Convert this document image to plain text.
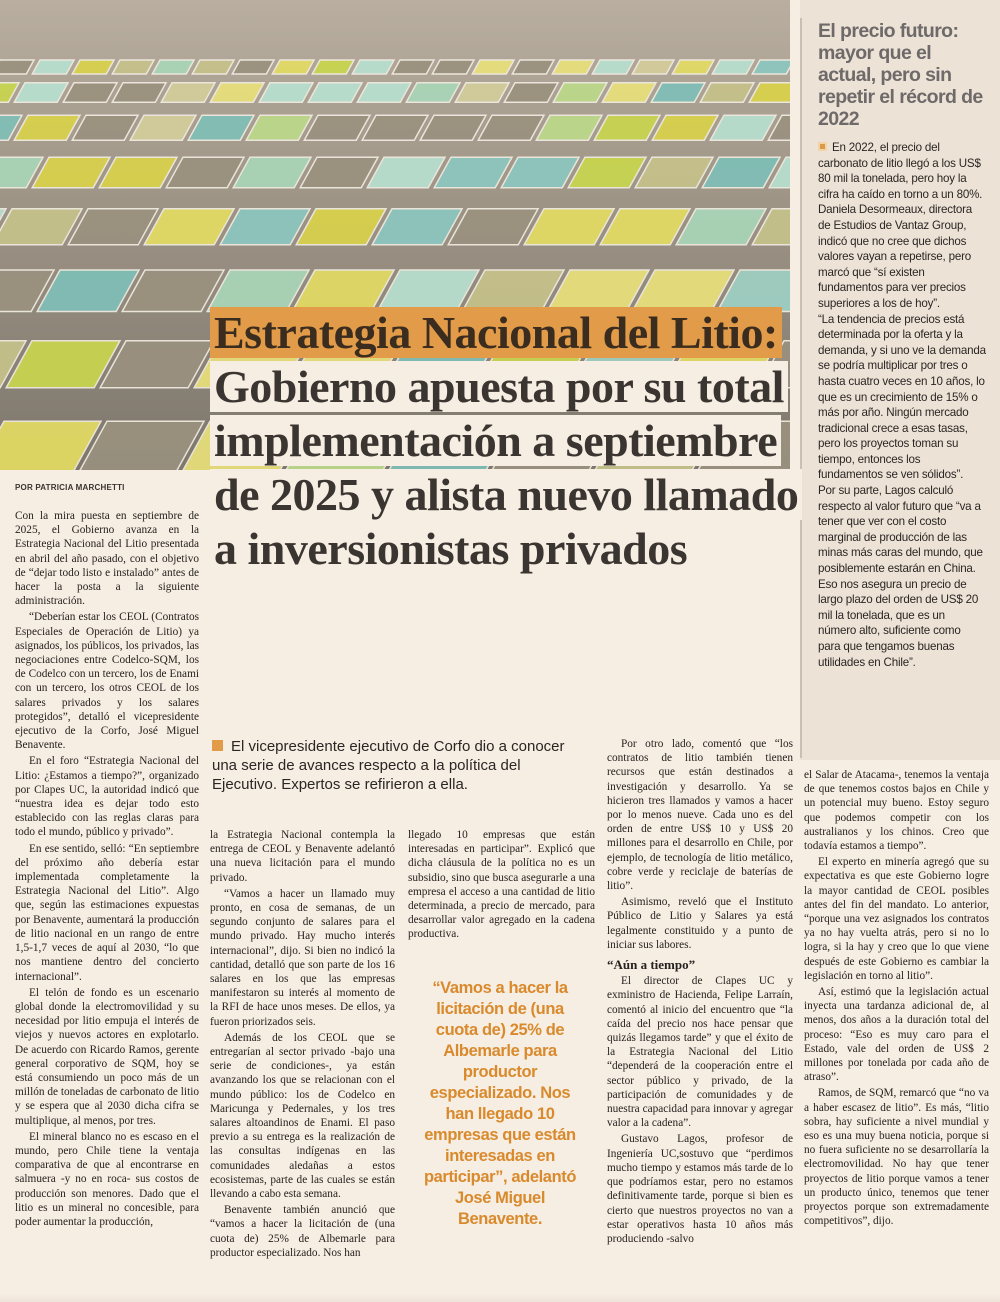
El precio futuro: mayor que el actual, pero sin repetir el récord de 2022

En 2022, el precio del carbonato de litio llegó a los US$ 80 mil la tonelada, pero hoy la cifra ha caído en torno a un 80%. Daniela Desormeaux, directora de Estudios de Vantaz Group, indicó que no cree que dichos valores vayan a repetirse, pero marcó que “sí existen fundamentos para ver precios superiores a los de hoy”.

“La tendencia de precios está determinada por la oferta y la demanda, y si uno ve la demanda se podría multiplicar por tres o hasta cuatro veces en 10 años, lo que es un crecimiento de 15% o más por año. Ningún mercado tradicional crece a esas tasas, pero los proyectos toman su tiempo, entonces los fundamentos se ven sólidos”.

Por su parte, Lagos calculó respecto al valor futuro que “va a tener que ver con el costo marginal de producción de las minas más caras del mundo, que posiblemente estarán en China. Eso nos asegura un precio de largo plazo del orden de US$ 20 mil la tonelada, que es un número alto, suficiente como para que tengamos buenas utilidades en Chile”.

Estrategia Nacional del Litio: Gobierno apuesta por su total implementación a septiembre de 2025 y alista nuevo llamado a inversionistas privados
POR PATRICIA MARCHETTI

Con la mira puesta en septiembre de 2025, el Gobierno avanza en la Estrategia Nacional del Litio presentada en abril del año pasado, con el objetivo de “dejar todo listo e instalado” antes de hacer la posta a la siguiente administración.

“Deberían estar los CEOL (Contratos Especiales de Operación de Litio) ya asignados, los públicos, los privados, las negociaciones entre Codelco-SQM, los de Codelco con un tercero, los de Enami con un tercero, los otros CEOL de los salares privados y los salares protegidos”, detalló el vicepresidente ejecutivo de la Corfo, José Miguel Benavente.

En el foro “Estrategia Nacional del Litio: ¿Estamos a tiempo?”, organizado por Clapes UC, la autoridad indicó que “nuestra idea es dejar todo esto establecido con las reglas claras para todo el mundo, público y privado”.

En ese sentido, selló: “En septiembre del próximo año debería estar implementada completamente la Estrategia Nacional del Litio”. Algo que, según las estimaciones expuestas por Benavente, aumentará la producción de litio nacional en un rango de entre 1,5-1,7 veces de aquí al 2030, “lo que nos mantiene dentro del concierto internacional”.

El telón de fondo es un escenario global donde la electromovilidad y su necesidad por litio empuja el interés de viejos y nuevos actores en explotarlo. De acuerdo con Ricardo Ramos, gerente general corporativo de SQM, hoy se está consumiendo un poco más de un millón de toneladas de carbonato de litio y se espera que al 2030 dicha cifra se multiplique, al menos, por tres.

El mineral blanco no es escaso en el mundo, pero Chile tiene la ventaja comparativa de que al encontrarse en salmuera -y no en roca- sus costos de producción son menores. Dado que el litio es un mineral no concesible, para poder aumentar la producción,

El vicepresidente ejecutivo de Corfo dio a conocer una serie de avances respecto a la política del Ejecutivo. Expertos se refirieron a ella.

la Estrategia Nacional contempla la entrega de CEOL y Benavente adelantó una nueva licitación para el mundo privado.

“Vamos a hacer un llamado muy pronto, en cosa de semanas, de un segundo conjunto de salares para el mundo privado. Hay mucho interés internacional”, dijo. Si bien no indicó la cantidad, detalló que son parte de los 16 salares en los que las empresas manifestaron su interés al momento de la RFI de hace unos meses. De ellos, ya fueron priorizados seis.

Además de los CEOL que se entregarían al sector privado -bajo una serie de condiciones-, ya están avanzando los que se relacionan con el mundo público: los de Codelco en Maricunga y Pedernales, y los tres salares altoandinos de Enami. El paso previo a su entrega es la realización de las consultas indígenas en las comunidades aledañas a estos ecosistemas, parte de las cuales se están llevando a cabo esta semana.

Benavente también anunció que “vamos a hacer la licitación de (una cuota de) 25% de Albemarle para productor especializado. Nos han

llegado 10 empresas que están interesadas en participar”. Explicó que dicha cláusula de la política no es un subsidio, sino que busca asegurarle a una empresa el acceso a una cantidad de litio determinada, a precio de mercado, para desarrollar valor agregado en la cadena productiva.

“Vamos a hacer la licitación de (una cuota de) 25% de Albemarle para productor especializado. Nos han llegado 10 empresas que están interesadas en participar”, adelantó José Miguel Benavente.

Por otro lado, comentó que “los contratos de litio también tienen recursos que están destinados a investigación y desarrollo. Ya se hicieron tres llamados y vamos a hacer por lo menos nueve. Cada uno es del orden de entre US$ 10 y US$ 20 millones para el desarrollo en Chile, por ejemplo, de tecnología de litio metálico, cobre verde y reciclaje de baterías de litio”.

Asimismo, reveló que el Instituto Público de Litio y Salares ya está legalmente constituido y a punto de iniciar sus labores.

“Aún a tiempo”

El director de Clapes UC y exministro de Hacienda, Felipe Larraín, comentó al inicio del encuentro que “la caída del precio nos hace pensar que quizás llegamos tarde” y que el éxito de la Estrategia Nacional del Litio “dependerá de la cooperación entre el sector público y privado, de la participación de comunidades y de nuestra capacidad para innovar y agregar valor a la cadena”.

Gustavo Lagos, profesor de Ingeniería UC,sostuvo que “perdimos mucho tiempo y estamos más tarde de lo que podríamos estar, pero no estamos definitivamente tarde, porque si bien es cierto que nuestros proyectos no van a estar operativos hasta 10 años más produciendo -salvo

el Salar de Atacama-, tenemos la ventaja de que tenemos costos bajos en Chile y un potencial muy bueno. Estoy seguro que podemos competir con los australianos y los chinos. Creo que todavía estamos a tiempo”.

El experto en minería agregó que su expectativa es que este Gobierno logre la mayor cantidad de CEOL posibles antes del fin del mandato. Lo anterior, “porque una vez asignados los contratos ya no hay vuelta atrás, pero si no lo logra, si la hay y creo que lo que viene después de este Gobierno es cambiar la legislación en torno al litio”.

Así, estimó que la legislación actual inyecta una tardanza adicional de, al menos, dos años a la duración total del proceso: “Eso es muy caro para el Estado, vale del orden de US$ 2 millones por tonelada por cada año de atraso”.

Ramos, de SQM, remarcó que “no va a haber escasez de litio”. Es más, “litio sobra, hay suficiente a nivel mundial y eso es una muy buena noticia, porque si no fuera suficiente no se desarrollaría la electromovilidad. No hay que tener proyectos de litio porque vamos a tener un producto único, tenemos que tener proyectos porque son extremadamente competitivos”, dijo.
